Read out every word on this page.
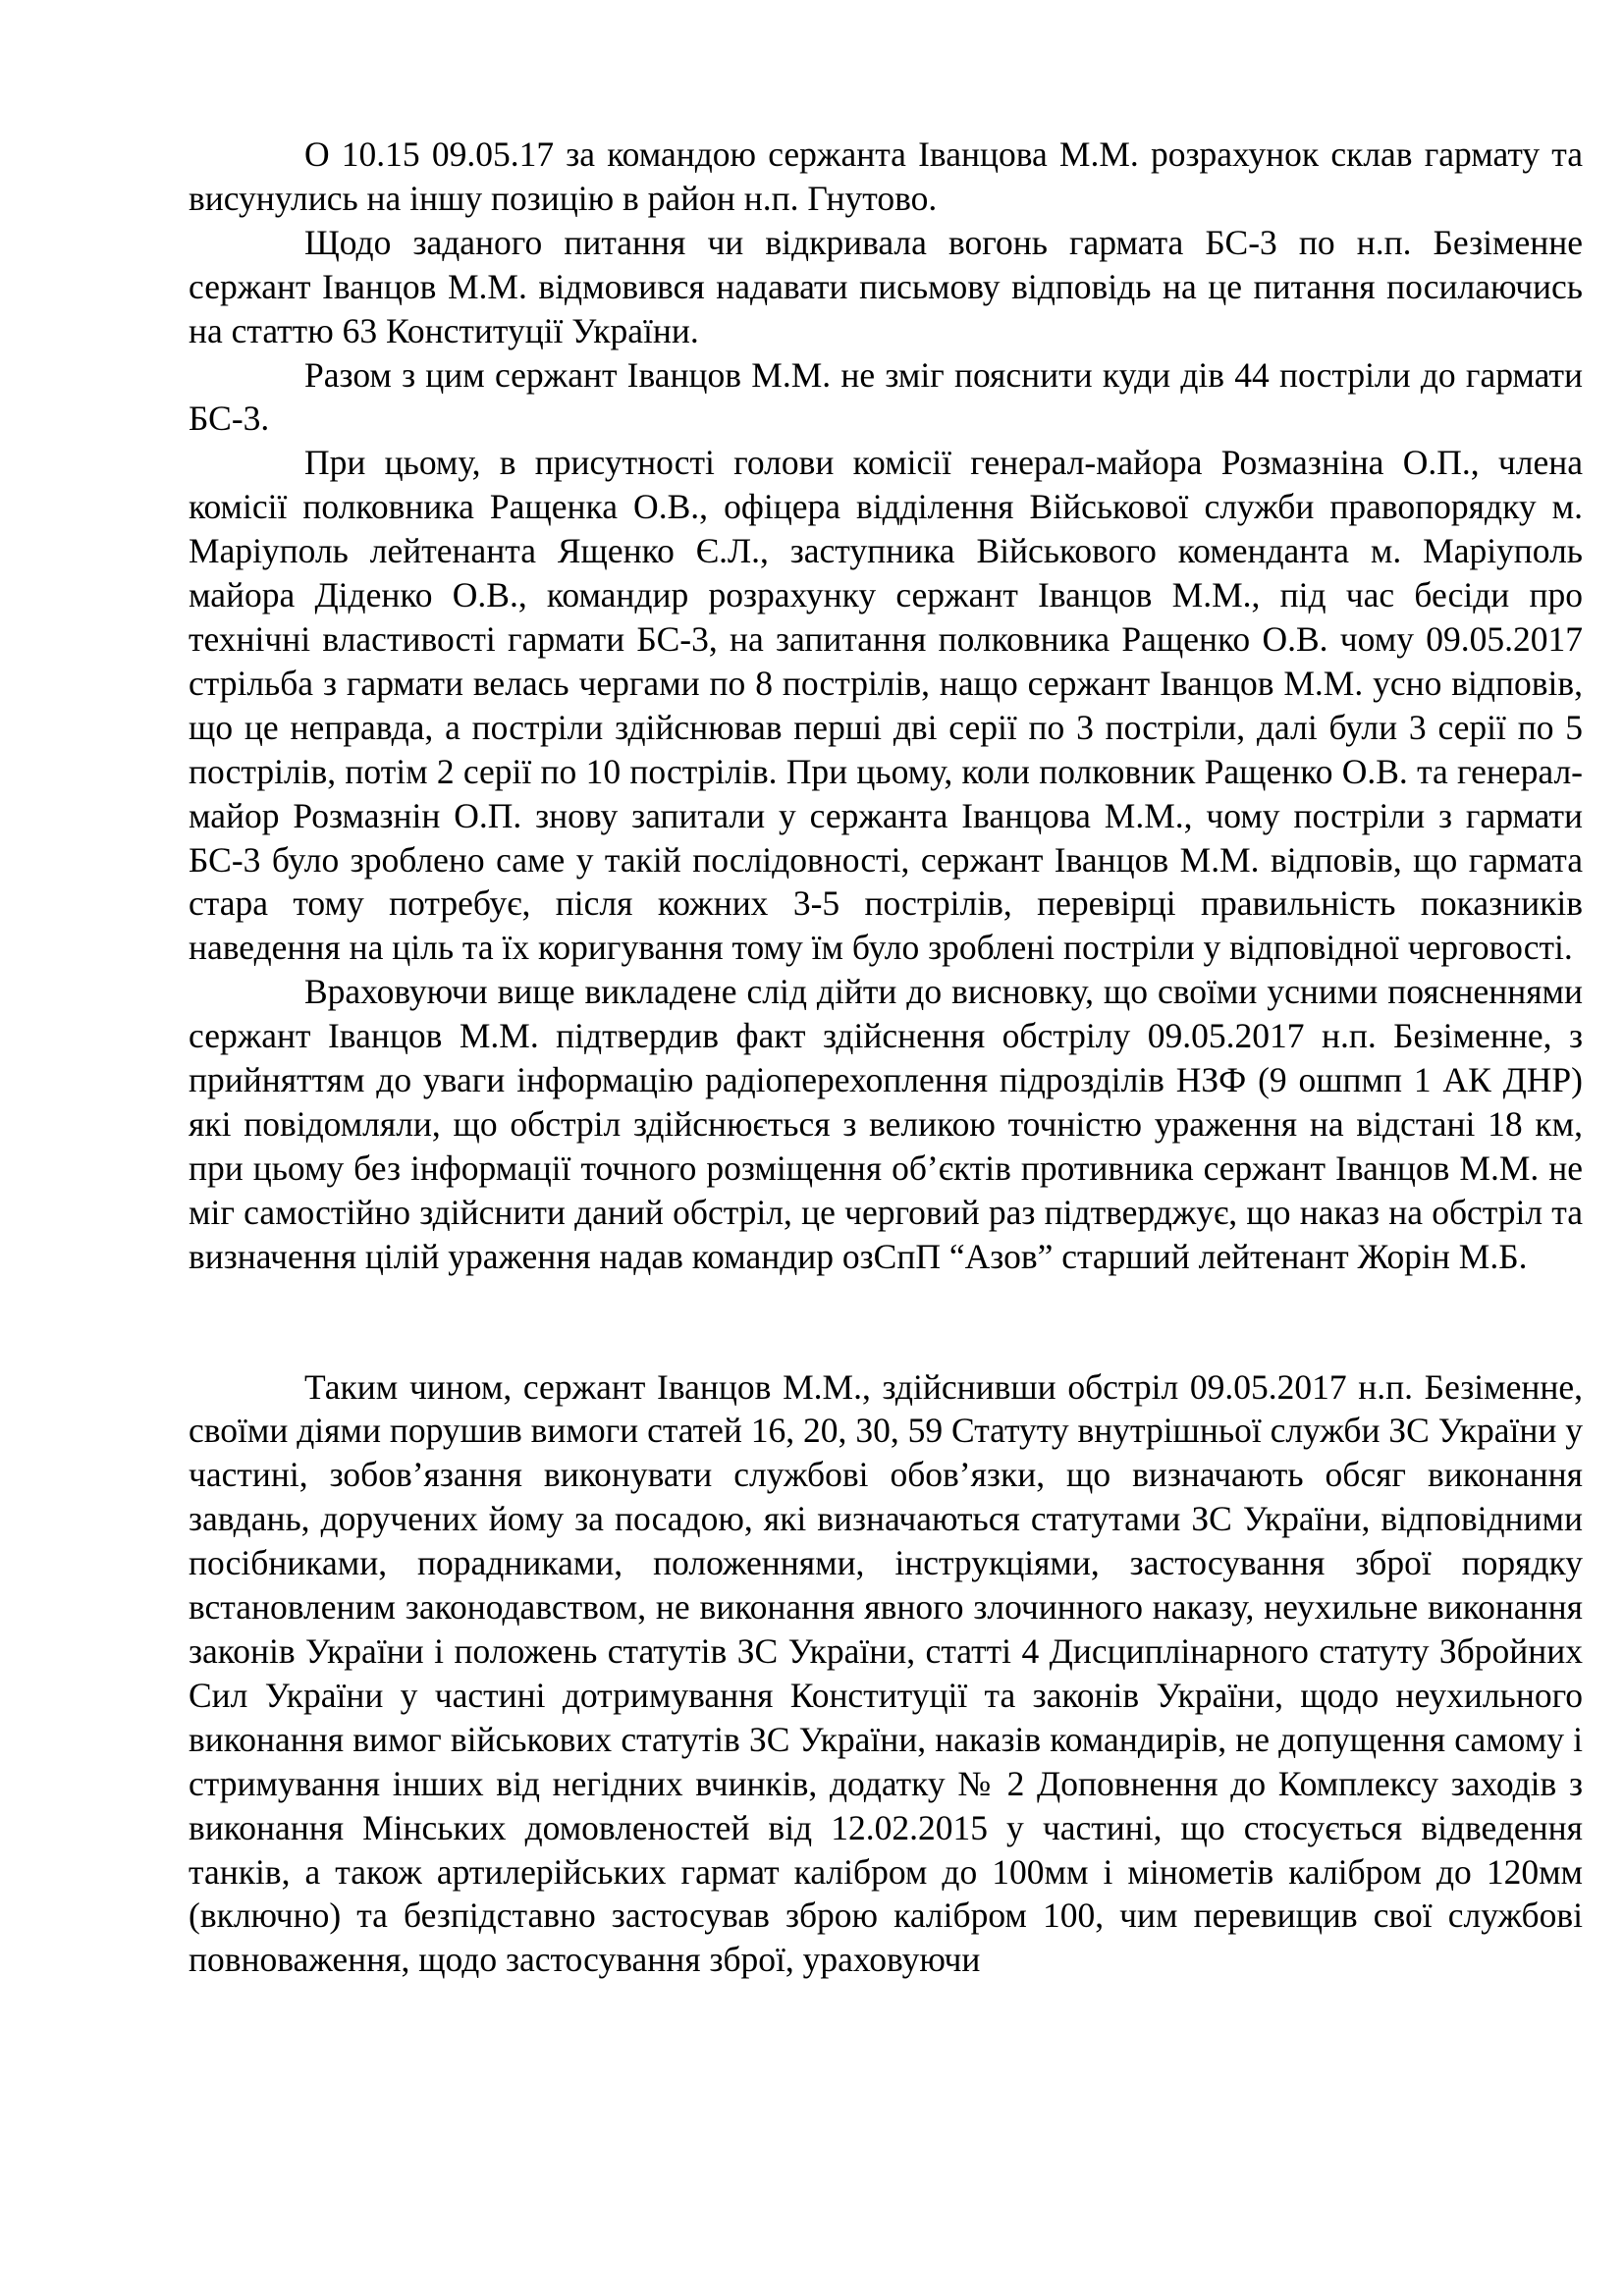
О 10.15 09.05.17 за командою сержанта Іванцова М.М. розрахунок склав гармату та висунулись на іншу позицію в район н.п. Гнутово.

Щодо заданого питання чи відкривала вогонь гармата БС-3 по н.п. Безіменне сержант Іванцов М.М. відмовився надавати письмову відповідь на це питання посилаючись на статтю 63 Конституції України.

Разом з цим сержант Іванцов М.М. не зміг пояснити куди дів 44 постріли до гармати БС-3.

При цьому, в присутності голови комісії генерал-майора Розмазніна О.П., члена комісії полковника Ращенка О.В., офіцера відділення Військової служби правопорядку м. Маріуполь лейтенанта Ященко Є.Л., заступника Військового коменданта м. Маріуполь майора Діденко О.В., командир розрахунку сержант Іванцов М.М., під час бесіди про технічні властивості гармати БС-3, на запитання полковника Ращенко О.В. чому 09.05.2017 стрільба з гармати велась чергами по 8 пострілів, нащо сержант Іванцов М.М. усно відповів, що це неправда, а постріли здійснював перші дві серії по 3 постріли, далі були 3 серії по 5 пострілів, потім 2 серії по 10 пострілів. При цьому, коли полковник Ращенко О.В. та генерал-майор Розмазнін О.П. знову запитали у сержанта Іванцова М.М., чому постріли з гармати БС-3 було зроблено саме у такій послідовності, сержант Іванцов М.М. відповів, що гармата стара тому потребує, після кожних 3-5 пострілів, перевірці правильність показників наведення на ціль та їх коригування тому їм було зроблені постріли у відповідної черговості.

Враховуючи вище викладене слід дійти до висновку, що своїми усними поясненнями сержант Іванцов М.М. підтвердив факт здійснення обстрілу 09.05.2017 н.п. Безіменне, з прийняттям до уваги інформацію радіоперехоплення підрозділів НЗФ (9 ошпмп 1 АК ДНР) які повідомляли, що обстріл здійснюється з великою точністю ураження на відстані 18 км, при цьому без інформації точного розміщення об’єктів противника сержант Іванцов М.М. не міг самостійно здійснити даний обстріл, це черговий раз підтверджує, що наказ на обстріл та визначення цілій ураження надав командир озСпП “Азов” старший лейтенант Жорін М.Б.

Таким чином, сержант Іванцов М.М., здійснивши обстріл 09.05.2017 н.п. Безіменне, своїми діями порушив вимоги статей 16, 20, 30, 59 Статуту внутрішньої служби ЗС України у частині, зобов’язання виконувати службові обов’язки, що визначають обсяг виконання завдань, доручених йому за посадою, які визначаються статутами ЗС України, відповідними посібниками, порадниками, положеннями, інструкціями, застосування зброї порядку встановленим законодавством, не виконання явного злочинного наказу, неухильне виконання законів України і положень статутів ЗС України, статті 4 Дисциплінарного статуту Збройних Сил України у частині дотримування Конституції та законів України, щодо неухильного виконання вимог військових статутів ЗС України, наказів командирів, не допущення самому і стримування інших від негідних вчинків, додатку № 2 Доповнення до Комплексу заходів з виконання Мінських домовленостей від 12.02.2015 у частині, що стосується відведення танків, а також артилерійських гармат калібром до 100мм і мінометів калібром до 120мм (включно) та безпідставно застосував зброю калібром 100, чим перевищив свої службові повноваження, щодо застосування зброї, ураховуючи
